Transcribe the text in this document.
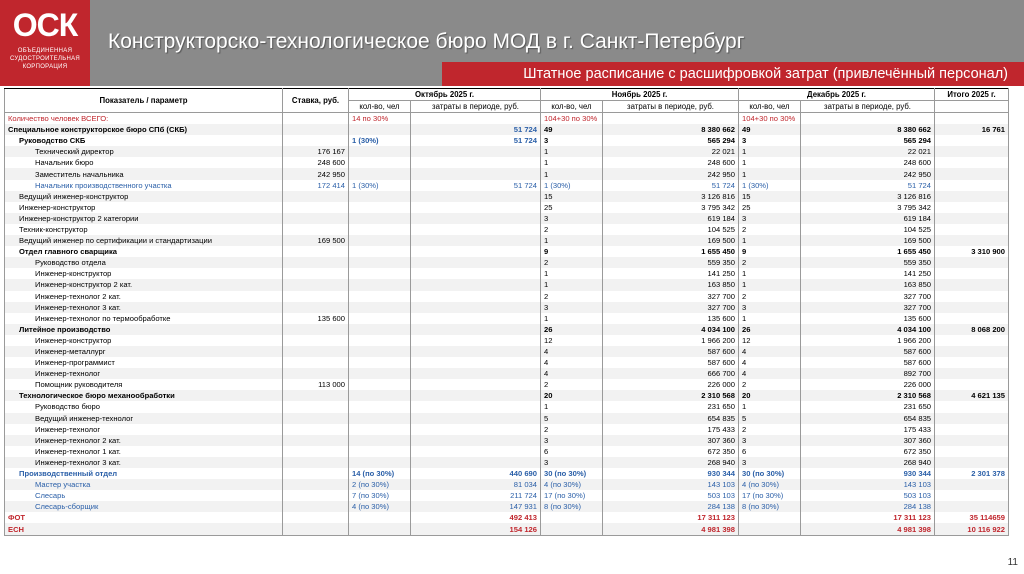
ОСК
ОБЪЕДИНЕННАЯ СУДОСТРОИТЕЛЬНАЯ КОРПОРАЦИЯ
Конструкторско-технологическое бюро МОД в г. Санкт-Петербург
Штатное расписание с расшифровкой затрат (привлечённый персонал)
Показатель / параметр	Ставка, руб.	Октябрь 2025 г.		Ноябрь 2025 г.		Декабрь 2025 г.		Итого 2025 г.
		кол-во, чел	затраты в периоде, руб.	кол-во, чел	затраты в периоде, руб.	кол-во, чел	затраты в периоде, руб.	
Количество человек ВСЕГО:		14 по 30%		104+30 по 30%		104+30 по 30%		
Специальное конструкторское бюро СПб (СКБ)			51 724	49	8 380 662	49	8 380 662	16 761
Руководство СКБ		1 (30%)	51 724	3	565 294	3	565 294	
Технический директор	176 167			1	22 021	1	22 021	
Начальник бюро	248 600			1	248 600	1	248 600	
Заместитель начальника	242 950			1	242 950	1	242 950	
Начальник производственного участка	172 414	1 (30%)	51 724	1 (30%)	51 724	1 (30%)	51 724	
Ведущий инженер-конструктор				15	3 126 816	15	3 126 816	
Инженер-конструктор				25	3 795 342	25	3 795 342	
Инженер-конструктор 2 категории				3	619 184	3	619 184	
Техник-конструктор				2	104 525	2	104 525	
Ведущий инженер по сертификации и стандартизации	169 500			1	169 500	1	169 500	
Отдел главного сварщика				9	1 655 450	9	1 655 450	3 310 900
Руководство отдела				2	559 350	2	559 350	
Инженер-конструктор				1	141 250	1	141 250	
Инженер-конструктор 2 кат.				1	163 850	1	163 850	
Инженер-технолог 2 кат.				2	327 700	2	327 700	
Инженер-технолог 3 кат.				3	327 700	3	327 700	
Инженер-технолог по термообработке	135 600			1	135 600	1	135 600	
Литейное производство				26	4 034 100	26	4 034 100	8 068 200
Инженер-конструктор				12	1 966 200	12	1 966 200	
Инженер-металлург				4	587 600	4	587 600	
Инженер-программист				4	587 600	4	587 600	
Инженер-технолог				4	666 700	4	892 700	
Помощник руководителя	113 000			2	226 000	2	226 000	
Технологическое бюро механообработки				20	2 310 568	20	2 310 568	4 621 135
Руководство бюро				1	231 650	1	231 650	
Ведущий инженер-технолог				5	654 835	5	654 835	
Инженер-технолог				2	175 433	2	175 433	
Инженер-технолог 2 кат.				3	307 360	3	307 360	
Инженер-технолог 1 кат.				6	672 350	6	672 350	
Инженер-технолог 3 кат.				3	268 940	3	268 940	
Производственный отдел		14 (по 30%)	440 690	30 (по 30%)	930 344	30 (по 30%)	930 344	2 301 378
Мастер участка		2 (по 30%)	81 034	4 (по 30%)	143 103	4 (по 30%)	143 103	
Слесарь		7 (по 30%)	211 724	17 (по 30%)	503 103	17 (по 30%)	503 103	
Слесарь-сборщик		4 (по 30%)	147 931	8 (по 30%)	284 138	8 (по 30%)	284 138	
ФОТ			492 413		17 311 123		17 311 123	35 114659
ЕСН			154 126		4 981 398		4 981 398	10 116 922
11
